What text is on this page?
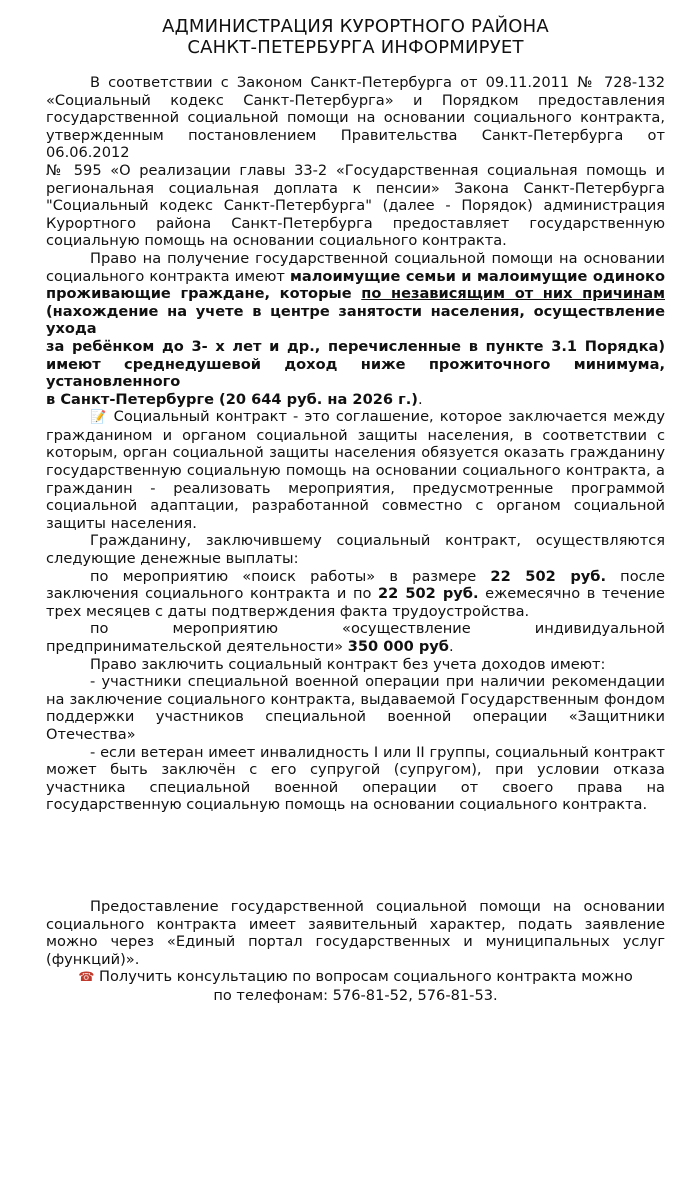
АДМИНИСТРАЦИЯ КУРОРТНОГО РАЙОНА
САНКТ-ПЕТЕРБУРГА ИНФОРМИРУЕТ

В соответствии с Законом Санкт-Петербурга от 09.11.2011 № 728-132 «Социальный кодекс Санкт-Петербурга» и Порядком предоставления государственной социальной помощи на основании социального контракта, утвержденным постановлением Правительства Санкт-Петербурга от 06.06.2012

№ 595 «О реализации главы 33-2 «Государственная социальная помощь и региональная социальная доплата к пенсии» Закона Санкт-Петербурга "Социальный кодекс Санкт-Петербурга" (далее - Порядок) администрация Курортного района Санкт-Петербурга предоставляет государственную социальную помощь на основании социального контракта.

Право на получение государственной социальной помощи на основании социального контракта имеют малоимущие семьи и малоимущие одиноко проживающие граждане, которые по независящим от них причинам (нахождение на учете в центре занятости населения, осуществление ухода

за ребёнком до 3- х лет и др., перечисленные в пункте 3.1 Порядка) имеют среднедушевой доход ниже прожиточного минимума, установленного

в Санкт-Петербурге (20 644 руб. на 2026 г.).

📝 Социальный контракт - это соглашение, которое заключается между гражданином и органом социальной защиты населения, в соответствии с которым, орган социальной защиты населения обязуется оказать гражданину государственную социальную помощь на основании социального контракта, а гражданин - реализовать мероприятия, предусмотренные программой социальной адаптации, разработанной совместно с органом социальной защиты населения.

Гражданину, заключившему социальный контракт, осуществляются следующие денежные выплаты:

по мероприятию «поиск работы» в размере 22 502 руб. после заключения социального контракта и по 22 502 руб. ежемесячно в течение трех месяцев с даты подтверждения факта трудоустройства.

по мероприятию «осуществление индивидуальной предпринимательской деятельности» 350 000 руб.

Право заключить социальный контракт без учета доходов имеют:

- участники специальной военной операции при наличии рекомендации на заключение социального контракта, выдаваемой Государственным фондом поддержки участников специальной военной операции «Защитники Отечества»

- если ветеран имеет инвалидность I или II группы, социальный контракт может быть заключён с его супругой (супругом), при условии отказа участника специальной военной операции от своего права на государственную социальную помощь на основании социального контракта.

Предоставление государственной социальной помощи на основании социального контракта имеет заявительный характер, подать заявление можно через «Единый портал государственных и муниципальных услуг (функций)».

☎ Получить консультацию по вопросам социального контракта можно

по телефонам: 576-81-52, 576-81-53.
